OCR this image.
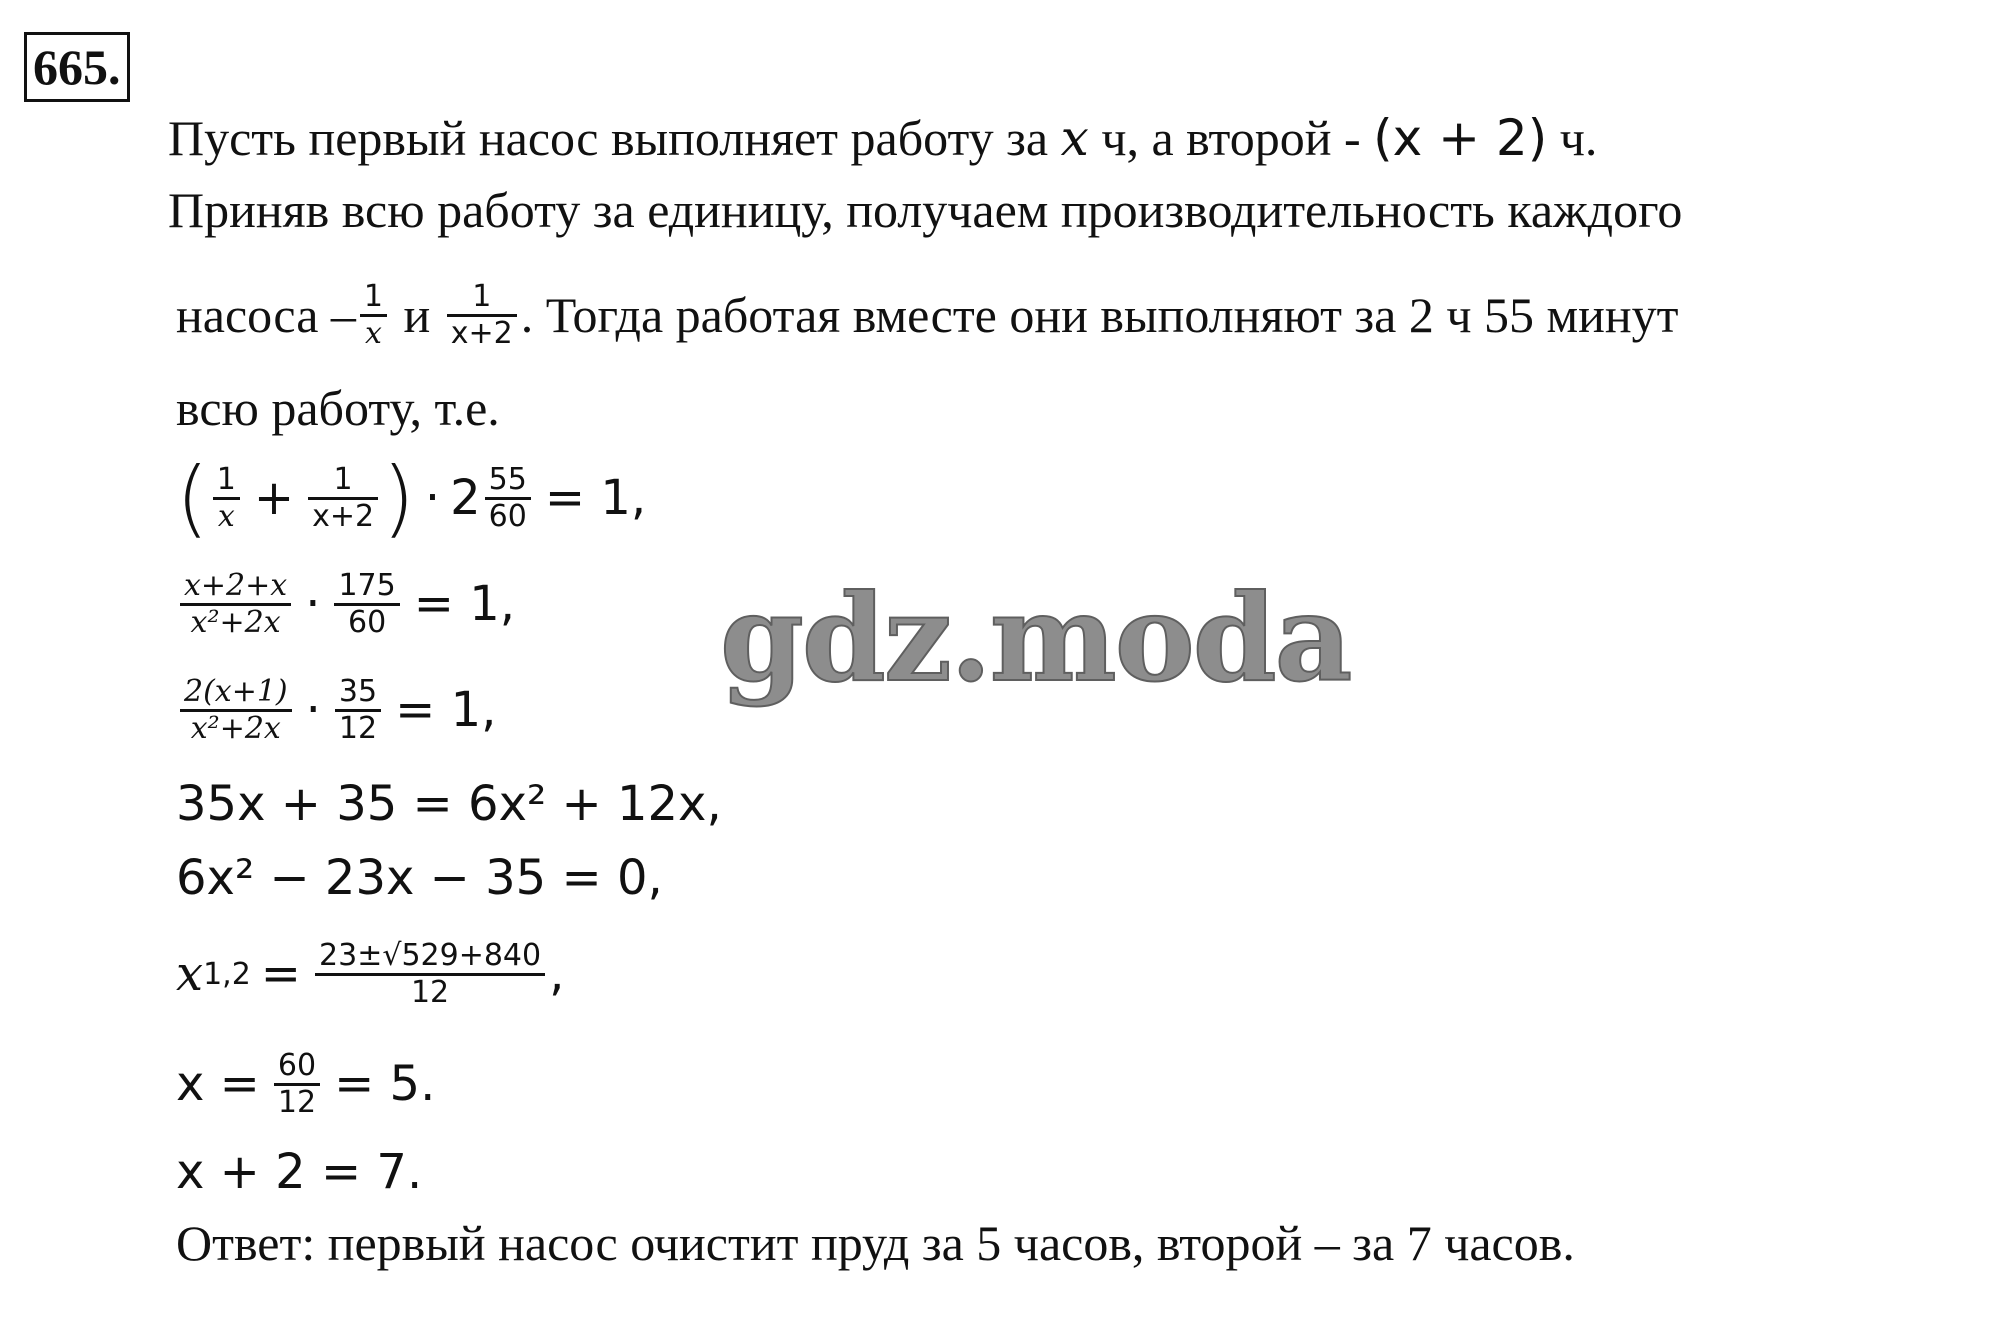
665.
Пусть первый насос выполняет работу за x ч, а второй - (x + 2) ч.
Приняв всю работу за единицу, получаем производительность каждого
насоса – $\frac{1}{x}$ и $\frac{1}{x+2}$ . Тогда работая вместе они выполняют за 2 ч 55 минут
всю работу, т.е.
( $\frac{1}{x} + \frac{1}{x+2}$ ) · $2 \frac{55}{60} = 1$,
$\frac{x+2+x}{\text{x²+2x}} \cdot \frac{175}{60} = 1$,
$\frac{2(x+1)}{\text{x²+2x}} \cdot \frac{35}{12} = 1$,
35x + 35 = 6x² + 12x,
6x² − 23x − 35 = 0,
x $1,2 = \frac{23\pm√529+840}{12}$ ,
$x = \frac{60}{12} = 5$.
x + 2 = 7.
Ответ: первый насос очистит пруд за 5 часов, второй – за 7 часов.
gdz.moda
